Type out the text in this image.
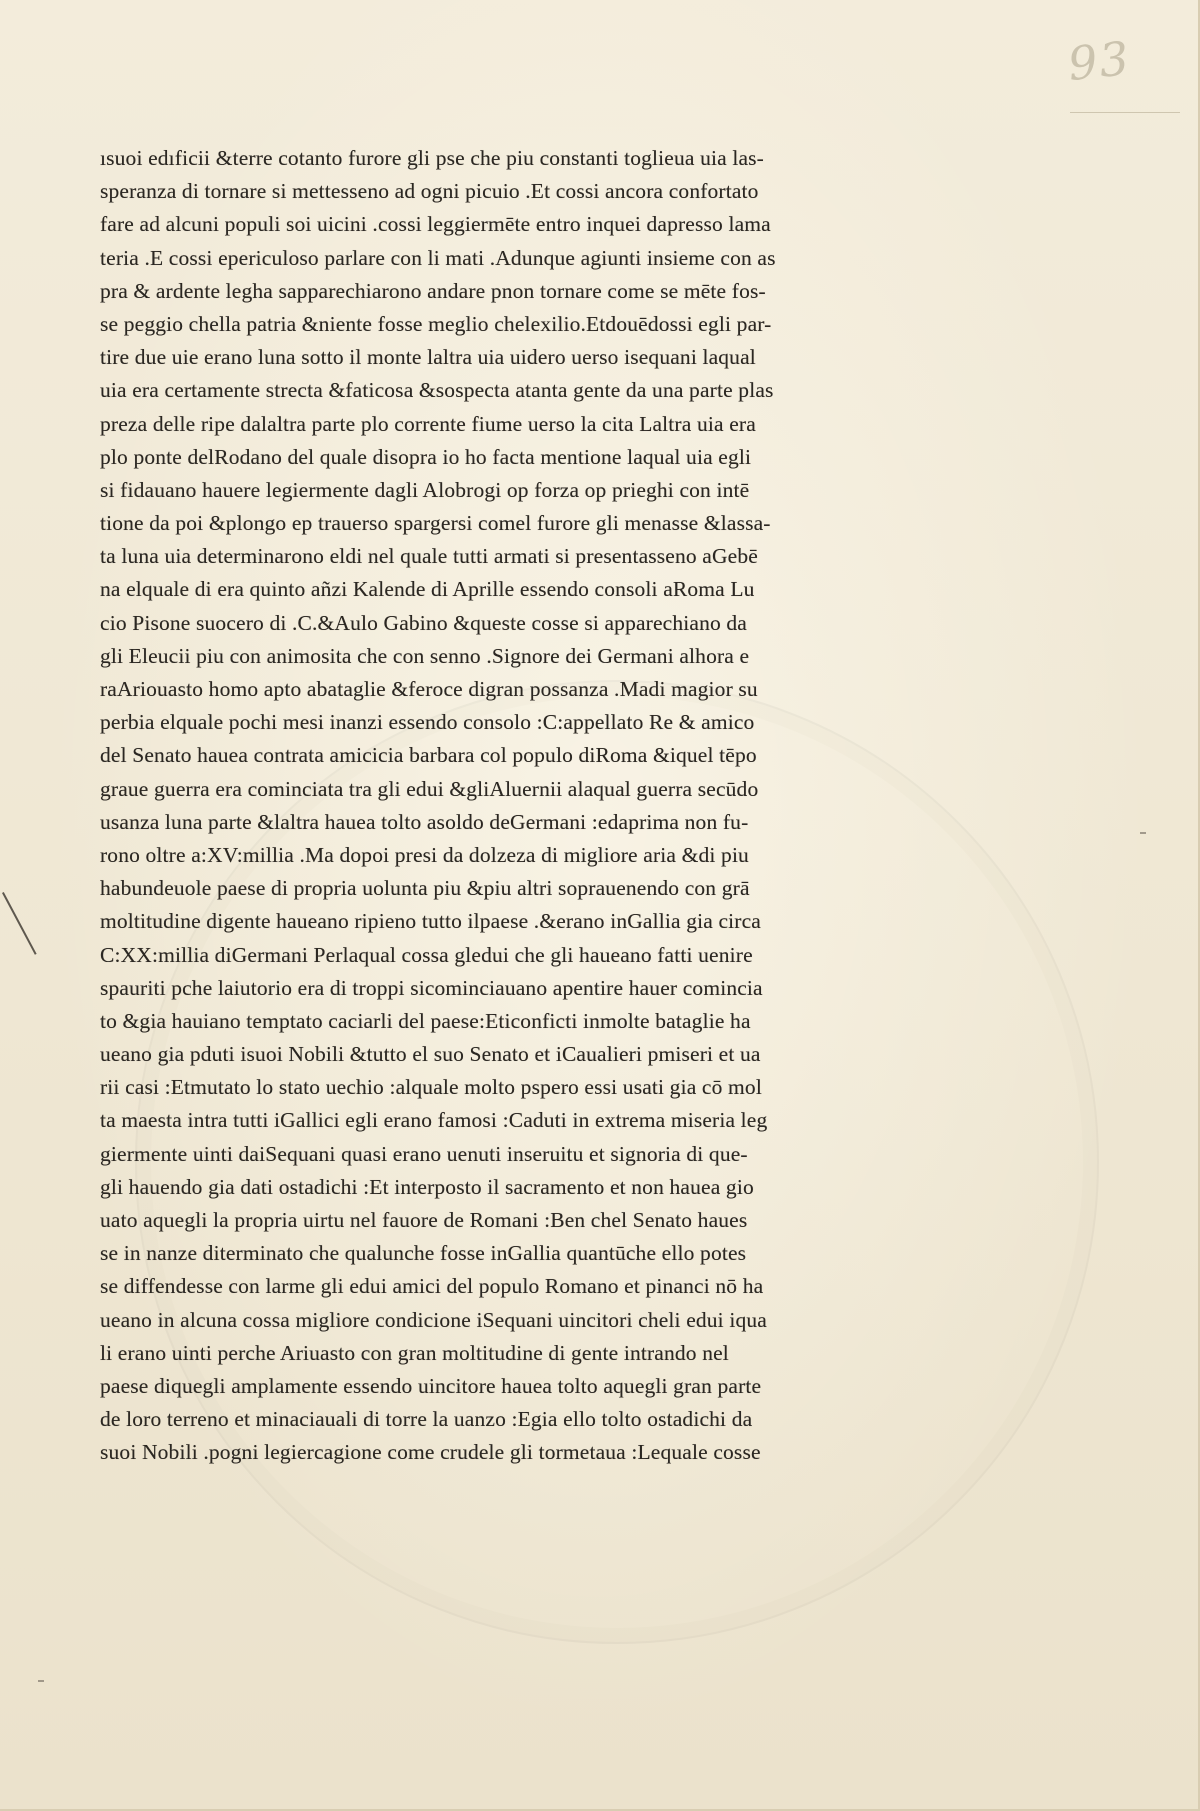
93
ısuoi edıficii &terre cotanto furore gli pse che piu constanti toglieua uia las-
speranza di tornare si mettesseno ad ogni picuio .Et cossi ancora confortato
fare ad alcuni populi soi uicini .cossi leggiermēte entro inquei dapresso lama
teria .E cossi epericuloso parlare con li mati .Adunque agiunti insieme con as
pra & ardente legha sapparechiarono andare pnon tornare come se mēte fos-
se peggio chella patria &niente fosse meglio chelexilio.Etdouēdossi egli par-
tire due uie erano luna sotto il monte laltra uia uidero uerso isequani laqual
uia era certamente strecta &faticosa &sospecta atanta gente da una parte plas
preza delle ripe dalaltra parte plo corrente fiume uerso la cita Laltra uia era
plo ponte delRodano del quale disopra io ho facta mentione laqual uia egli
si fidauano hauere legiermente dagli Alobrogi op forza op prieghi con intē
tione da poi &plongo ep trauerso spargersi comel furore gli menasse &lassa-
ta luna uia determinarono eldi nel quale tutti armati si presentasseno aGebē
na elquale di era quinto añzi Kalende di Aprille essendo consoli aRoma Lu
cio Pisone suocero di .C.&Aulo Gabino &queste cosse si apparechiano da
gli Eleucii piu con animosita che con senno .Signore dei Germani alhora e
raAriouasto homo apto abataglie &feroce digran possanza .Madi magior su
perbia elquale pochi mesi inanzi essendo consolo :C:appellato Re & amico
del Senato hauea contrata amicicia barbara col populo diRoma &iquel tēpo
graue guerra era cominciata tra gli edui &gliAluernii alaqual guerra secūdo
usanza luna parte &laltra hauea tolto asoldo deGermani :edaprima non fu-
rono oltre a:XV:millia .Ma dopoi presi da dolzeza di migliore aria &di piu
habundeuole paese di propria uolunta piu &piu altri soprauenendo con grā
moltitudine digente haueano ripieno tutto ilpaese .&erano inGallia gia circa
C:XX:millia diGermani Perlaqual cossa gledui che gli haueano fatti uenire
spauriti pche laiutorio era di troppi sicominciauano apentire hauer comincia
to &gia hauiano temptato caciarli del paese:Eticonficti inmolte bataglie ha
ueano gia pduti isuoi Nobili &tutto el suo Senato et iCaualieri pmiseri et ua
rii casi :Etmutato lo stato uechio :alquale molto psperо essi usati gia cō mol
ta maesta intra tutti iGallici egli erano famosi :Caduti in extrema miseria leg
giermente uinti daiSequani quasi erano uenuti inseruitu et signoria di que-
gli hauendo gia dati ostadichi :Et interposto il sacramento et non hauea gio
uato aquegli la propria uirtu nel fauore de Romani :Ben chel Senato haues
se in nanze diterminato che qualunche fosse inGallia quantūche ello potes
se diffendesse con larme gli edui amici del populo Romano et pinanci nō ha
ueano in alcuna cossa migliore condicione iSequani uincitori cheli edui iqua
li erano uinti perche Ariuasto con gran moltitudine di gente intrando nel
paese diquegli amplamente essendo uincitore hauea tolto aquegli gran parte
de loro terreno et minaciauali di torre la uanzo :Egia ello tolto ostadichi da
suoi Nobili .pogni legiercagione come crudele gli tormetaua :Lequale cosse
